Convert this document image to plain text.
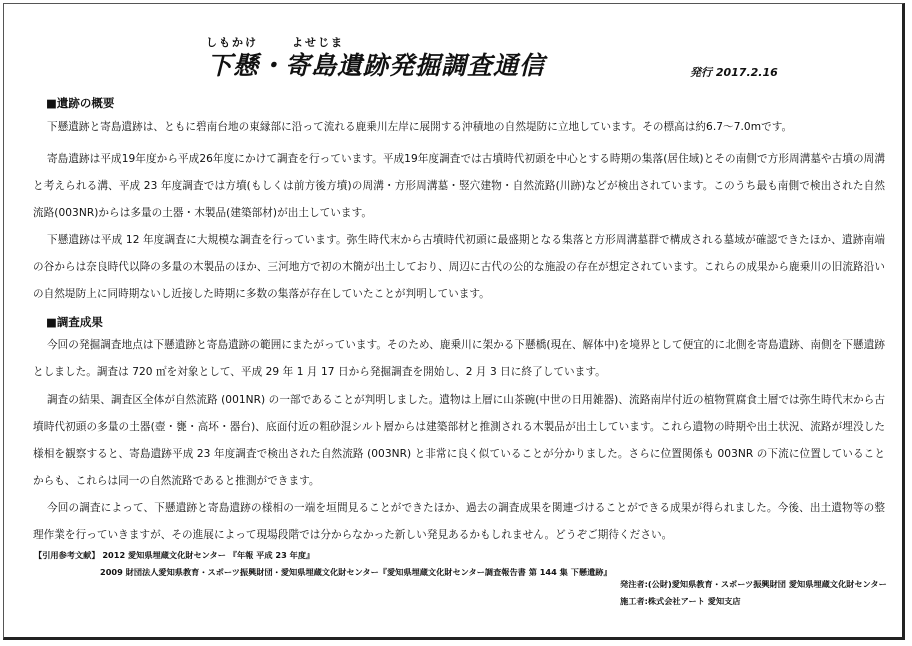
しもかけ	よせじま
下懸・寄島遺跡発掘調査通信	発行 2017.2.16
■遺跡の概要

下懸遺跡と寄島遺跡は、ともに碧南台地の東縁部に沿って流れる鹿乗川左岸に展開する沖積地の自然堤防に立地しています。その標高は約6.7〜7.0mです。

寄島遺跡は平成19年度から平成26年度にかけて調査を行っています。平成19年度調査では古墳時代初頭を中心とする時期の集落(居住域)とその南側で方形周溝墓や古墳の周溝と考えられる溝、平成 23 年度調査では方墳(もしくは前方後方墳)の周溝・方形周溝墓・竪穴建物・自然流路(川跡)などが検出されています。このうち最も南側で検出された自然流路(003NR)からは多量の土器・木製品(建築部材)が出土しています。

下懸遺跡は平成 12 年度調査に大規模な調査を行っています。弥生時代末から古墳時代初頭に最盛期となる集落と方形周溝墓群で構成される墓域が確認できたほか、遺跡南端の谷からは奈良時代以降の多量の木製品のほか、三河地方で初の木簡が出土しており、周辺に古代の公的な施設の存在が想定されています。これらの成果から鹿乗川の旧流路沿いの自然堤防上に同時期ないし近接した時期に多数の集落が存在していたことが判明しています。

■調査成果

今回の発掘調査地点は下懸遺跡と寄島遺跡の範囲にまたがっています。そのため、鹿乗川に架かる下懸橋(現在、解体中)を境界として便宜的に北側を寄島遺跡、南側を下懸遺跡としました。調査は 720 ㎡を対象として、平成 29 年 1 月 17 日から発掘調査を開始し、2 月 3 日に終了しています。

調査の結果、調査区全体が自然流路 (001NR) の一部であることが判明しました。遺物は上層に山茶碗(中世の日用雑器)、流路南岸付近の植物質腐食土層では弥生時代末から古墳時代初頭の多量の土器(壺・甕・高坏・器台)、底面付近の粗砂混シルト層からは建築部材と推測される木製品が出土しています。これら遺物の時期や出土状況、流路が埋没した様相を観察すると、寄島遺跡平成 23 年度調査で検出された自然流路 (003NR) と非常に良く似ていることが分かりました。さらに位置関係も 003NR の下流に位置していることからも、これらは同一の自然流路であると推測ができます。

今回の調査によって、下懸遺跡と寄島遺跡の様相の一端を垣間見ることができたほか、過去の調査成果を関連づけることができる成果が得られました。今後、出土遺物等の整理作業を行っていきますが、その進展によって現場段階では分からなかった新しい発見あるかもしれません。どうぞご期待ください。

【引用参考文献】 2012 愛知県埋蔵文化財センター 『年報 平成 23 年度』
2009 財団法人愛知県教育・スポーツ振興財団・愛知県埋蔵文化財センター『愛知県埋蔵文化財センター調査報告書 第 144 集 下懸遺跡』
発注者:(公財)愛知県教育・スポーツ振興財団 愛知県埋蔵文化財センター
施工者:株式会社アート 愛知支店
